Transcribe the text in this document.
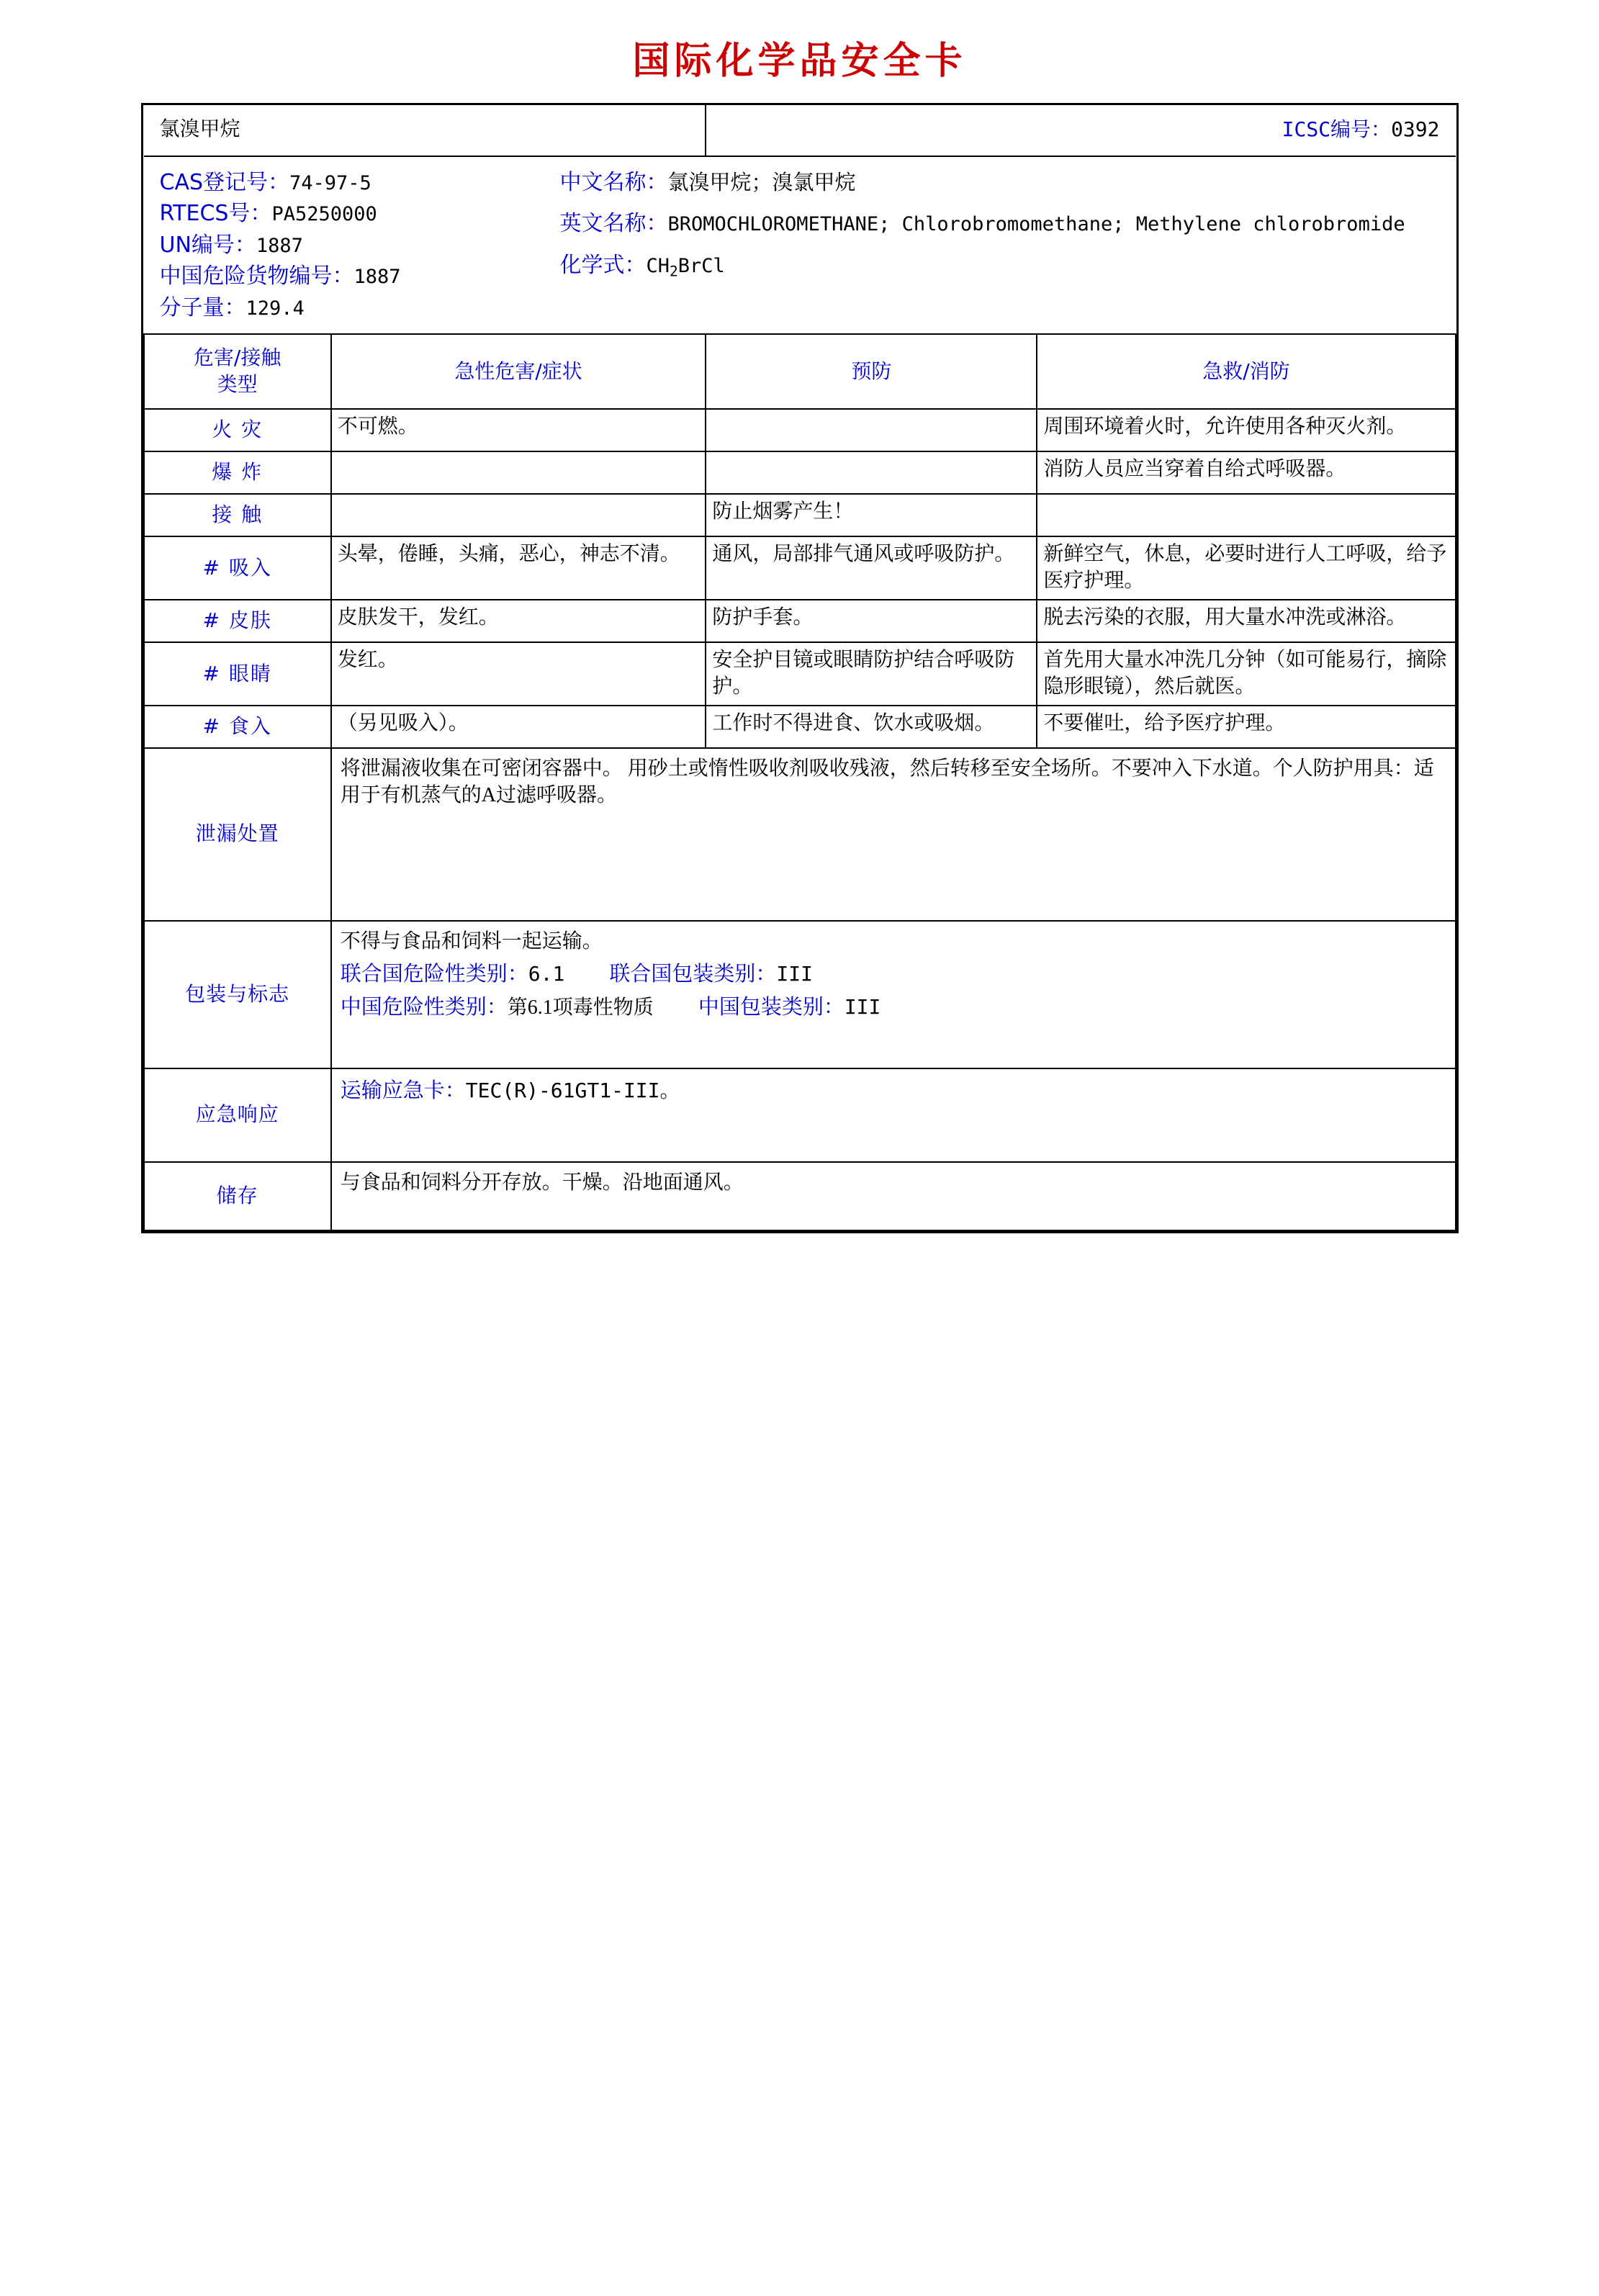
国际化学品安全卡
氯溴甲烷		ICSC编号：0392	

CAS登记号：74-97-5
RTECS号：PA5250000
UN编号：1887
中国危险货物编号：1887
分子量：129.4
中文名称：氯溴甲烷；溴氯甲烷
英文名称：BROMOCHLOROMETHANE; Chlorobromomethane; Methylene chlorobromide
化学式：$CH_2BrCl$

危害/接触
类型	急性危害/症状	预防	急救/消防
火 灾	不可燃。		周围环境着火时，允许使用各种灭火剂。
爆 炸			消防人员应当穿着自给式呼吸器。
接 触		防止烟雾产生！	
# 吸入	头晕，倦睡，头痛，恶心，神志不清。	通风，局部排气通风或呼吸防护。	新鲜空气，休息，必要时进行人工呼吸，给予医疗护理。
# 皮肤	皮肤发干，发红。	防护手套。	脱去污染的衣服，用大量水冲洗或淋浴。
# 眼睛	发红。	安全护目镜或眼睛防护结合呼吸防护。	首先用大量水冲洗几分钟（如可能易行，摘除隐形眼镜），然后就医。
# 食入	（另见吸入）。	工作时不得进食、饮水或吸烟。	不要催吐，给予医疗护理。
泄漏处置	将泄漏液收集在可密闭容器中。 用砂土或惰性吸收剂吸收残液，然后转移至安全场所。不要冲入下水道。个人防护用具：适用于有机蒸气的A过滤呼吸器。		
包装与标志	不得与食品和饲料一起运输。
联合国危险性类别：6.1 联合国包装类别：III
中国危险性类别：第6.1项毒性物质 中国包装类别：III		

应急响应	运输应急卡：TEC(R)-61GT1-III。		
储存	与食品和饲料分开存放。干燥。沿地面通风。		
